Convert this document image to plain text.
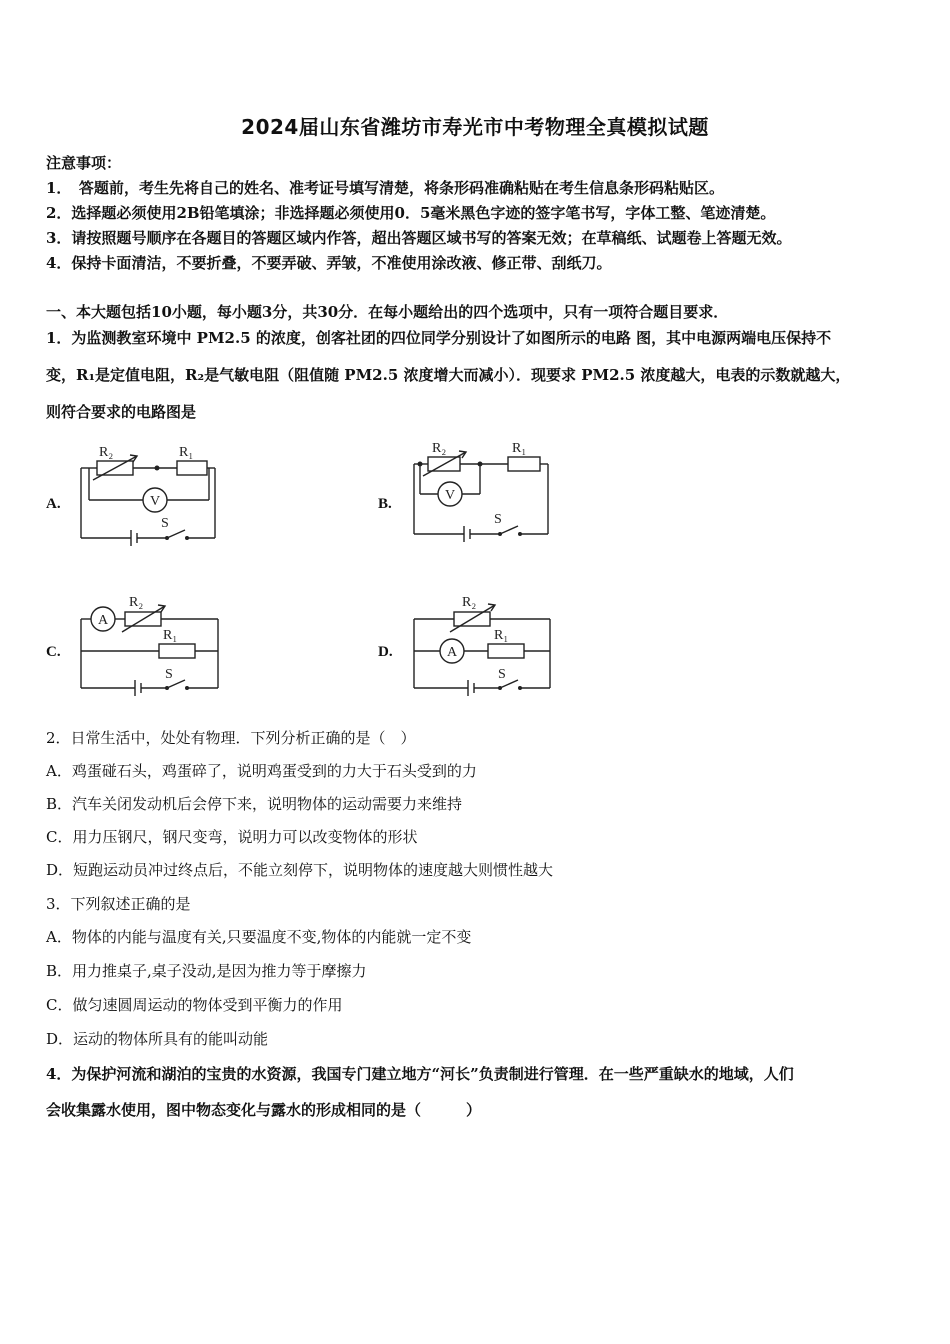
2024届山东省潍坊市寿光市中考物理全真模拟试题
注意事项：
1．　答题前，考生先将自己的姓名、准考证号填写清楚，将条形码准确粘贴在考生信息条形码粘贴区。
2．选择题必须使用2B铅笔填涂；非选择题必须使用0．5毫米黑色字迹的签字笔书写，字体工整、笔迹清楚。
3．请按照题号顺序在各题目的答题区域内作答，超出答题区域书写的答案无效；在草稿纸、试题卷上答题无效。
4．保持卡面清洁，不要折叠，不要弄破、弄皱，不准使用涂改液、修正带、刮纸刀。
一、本大题包括10小题，每小题3分，共30分．在每小题给出的四个选项中，只有一项符合题目要求．
1．为监测教室环境中 PM2.5 的浓度，创客社团的四位同学分别设计了如图所示的电路 图，其中电源两端电压保持不
变，R₁是定值电阻，R₂是气敏电阻（阻值随 PM2.5 浓度增大而减小）．现要求 PM2.5 浓度越大，电表的示数就越大，
则符合要求的电路图是
A.
R₂	R₁
V
S
B.
R₂	R₁
V
S
C.
A
R₂
R₁
S
D.
R₂
A
R₁
S
2．日常生活中，处处有物理．下列分析正确的是（　）
A．鸡蛋碰石头，鸡蛋碎了，说明鸡蛋受到的力大于石头受到的力
B．汽车关闭发动机后会停下来，说明物体的运动需要力来维持
C．用力压钢尺，钢尺变弯，说明力可以改变物体的形状
D．短跑运动员冲过终点后，不能立刻停下，说明物体的速度越大则惯性越大
3．下列叙述正确的是
A．物体的内能与温度有关,只要温度不变,物体的内能就一定不变
B．用力推桌子,桌子没动,是因为推力等于摩擦力
C．做匀速圆周运动的物体受到平衡力的作用
D．运动的物体所具有的能叫动能
4．为保护河流和湖泊的宝贵的水资源，我国专门建立地方“河长”负责制进行管理．在一些严重缺水的地域，人们
会收集露水使用，图中物态变化与露水的形成相同的是（　　　）
